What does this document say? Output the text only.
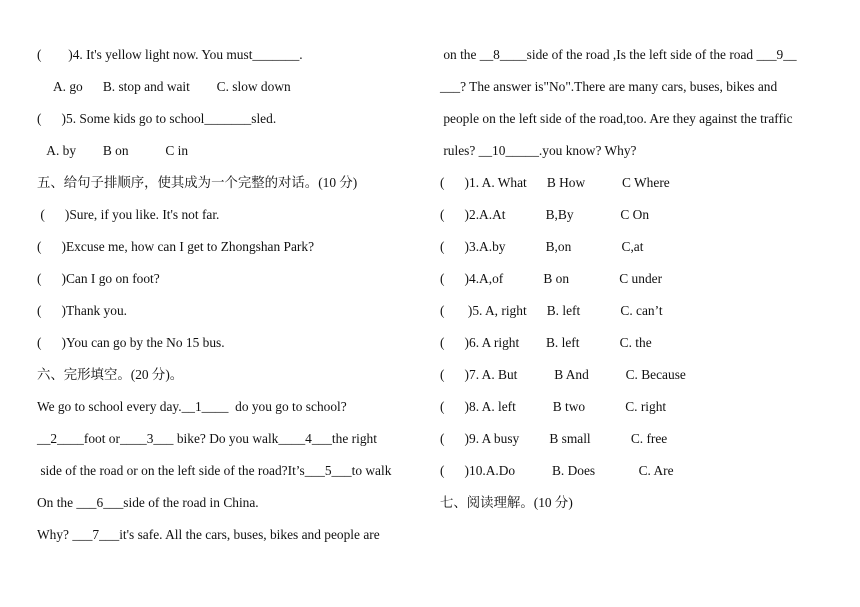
(        )4. It's yellow light now. You must_______.
A. go      B. stop and wait        C. slow down
(      )5. Some kids go to school_______sled.
A. by        B on           C in
五、给句子排顺序，使其成为一个完整的对话。(10 分)
(      )Sure, if you like. It's not far.
(      )Excuse me, how can I get to Zhongshan Park?
(      )Can I go on foot?
(      )Thank you.
(      )You can go by the No 15 bus.
六、完形填空。(20 分)。
We go to school every day.__1____  do you go to school?
__2____foot or____3___ bike? Do you walk____4___the right
side of the road or on the left side of the road?It’s___5___to walk
On the ___6___side of the road in China.
Why? ___7___it's safe. All the cars, buses, bikes and people are
on the __8____side of the road ,Is the left side of the road ___9__
___? The answer is"No".There are many cars, buses, bikes and
people on the left side of the road,too. Are they against the traffic
rules? __10_____.you know? Why?
(      )1. A. What      B How           C Where
(      )2.A.At            B,By              C On
(      )3.A.by            B,on               C,at
(      )4.A,of            B on               C under
(       )5. A, right      B. left            C. can’t
(      )6. A right        B. left            C. the
(      )7. A. But           B And           C. Because
(      )8. A. left           B two            C. right
(      )9. A busy         B small            C. free
(      )10.A.Do           B. Does             C. Are
七、阅读理解。(10 分)
